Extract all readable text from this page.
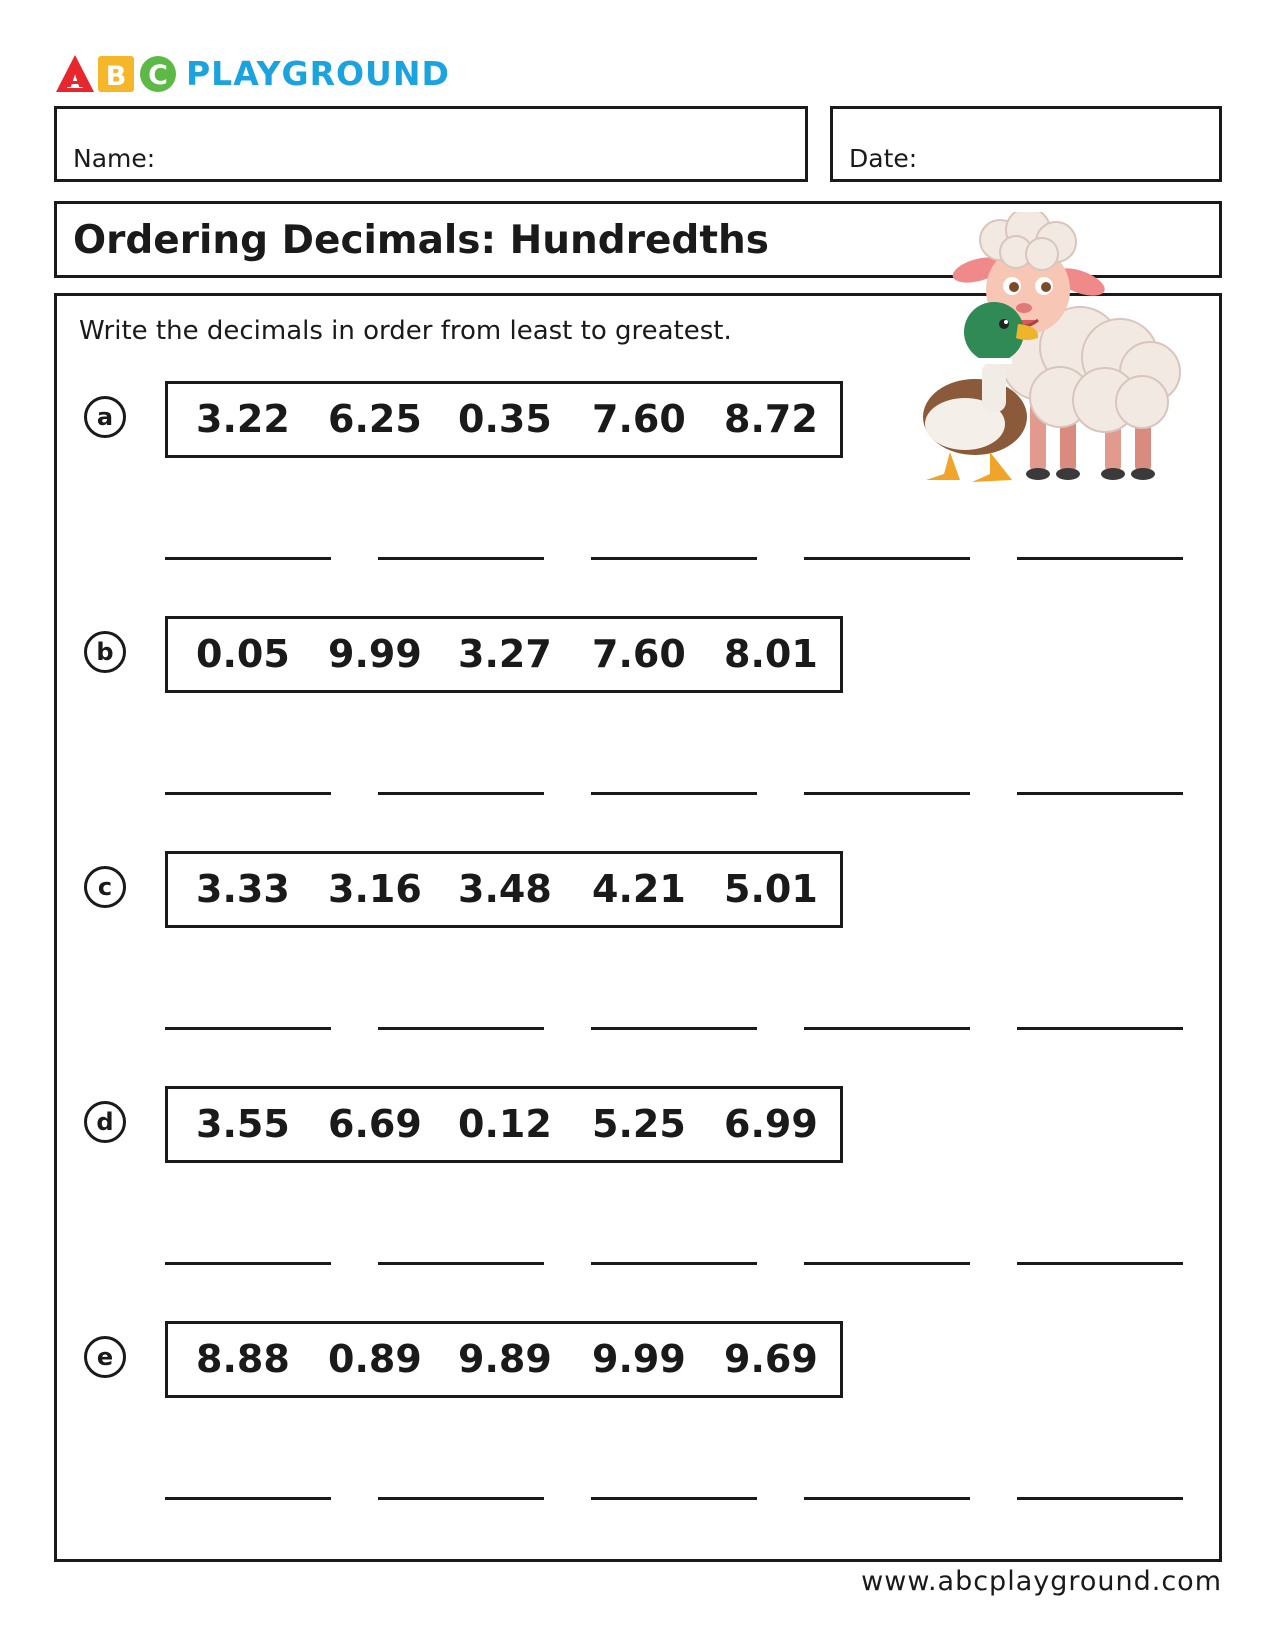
A B C PLAYGROUND
Name:	Date:
Ordering Decimals: Hundredths
Write the decimals in order from least to greatest.
a	3.22 6.25 0.35 7.60 8.72
b	0.05 9.99 3.27 7.60 8.01
c	3.33 3.16 3.48 4.21 5.01
d	3.55 6.69 0.12 5.25 6.99
e	8.88 0.89 9.89 9.99 9.69
www.abcplayground.com
